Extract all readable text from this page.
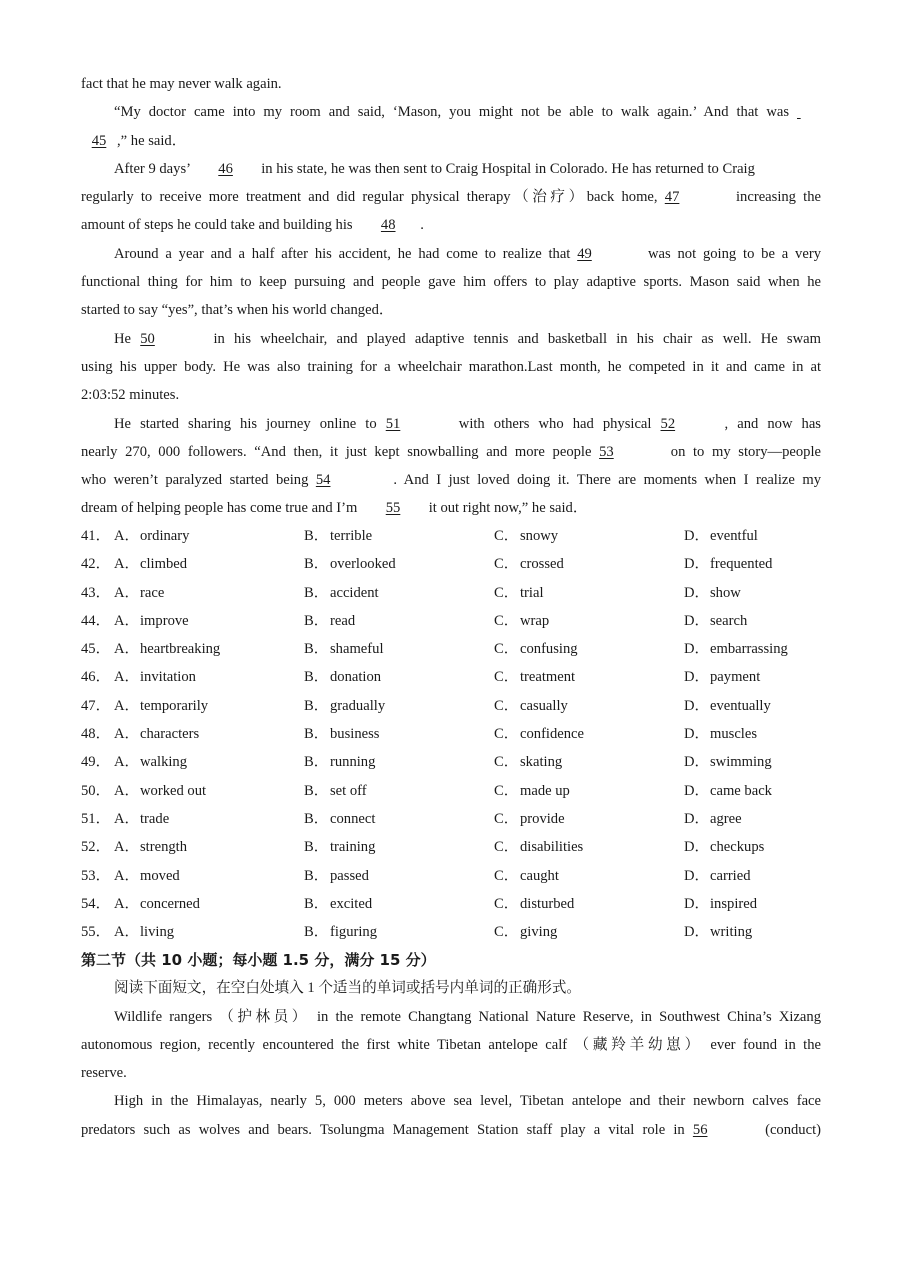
fact that he may never walk again.
“My doctor came into my room and said, ‘Mason, you might not be able to walk again.’ And that was
45 ,” he said．
After 9 days’ 46 in his state, he was then sent to Craig Hospital in Colorado. He has returned to Craig
regularly to receive more treatment and did regular physical therapy（治疗）back home, 47	increasing the
amount of steps he could take and building his 48 .
Around a year and a half after his accident, he had come to realize that 49	was not going to be a very
functional thing for him to keep pursuing and people gave him offers to play adaptive sports. Mason said when he
started to say “yes”, that’s when his world changed．
He 50	in his wheelchair, and played adaptive tennis and basketball in his chair as well. He swam
using his upper body. He was also training for a wheelchair marathon.Last month, he competed in it and came in at
2:03:52 minutes.
He started sharing his journey online to 51	with others who had physical 52	, and now has
nearly 270, 000 followers. “And then, it just kept snowballing and more people 53	on to my story—people
who weren’t paralyzed started being 54	. And I just loved doing it. There are moments when I realize my
dream of helping people has come true and I’m 55 it out right now,” he said．
41． A．ordinary	B． terrible	C． snowy	D．eventful
42． A．climbed	B． overlooked	C． crossed	D．frequented
43． A．race	B． accident	C． trial	D．show
44． A．improve	B． read	C． wrap	D．search
45． A．heartbreaking	B． shameful	C． confusing	D．embarrassing
46． A．invitation	B． donation	C． treatment	D．payment
47． A．temporarily	B． gradually	C． casually	D．eventually
48． A．characters	B． business	C． confidence	D．muscles
49． A．walking	B． running	C． skating	D．swimming
50． A．worked out	B． set off	C． made up	D．came back
51． A．trade	B． connect	C． provide	D．agree
52． A．strength	B． training	C． disabilities	D．checkups
53． A．moved	B． passed	C． caught	D．carried
54． A．concerned	B． excited	C． disturbed	D．inspired
55． A．living	B． figuring	C． giving	D．writing
第二节（共 10 小题；每小题 1.5 分，满分 15 分）
阅读下面短文，在空白处填入 1 个适当的单词或括号内单词的正确形式。
Wildlife rangers （护林员） in the remote Changtang National Nature Reserve, in Southwest China’s Xizang
autonomous region, recently encountered the first white Tibetan antelope calf （藏羚羊幼崽） ever found in the
reserve.
High in the Himalayas, nearly 5, 000 meters above sea level, Tibetan antelope and their newborn calves face
predators such as wolves and bears. Tsolungma Management Station staff play a vital role in 56	(conduct)
